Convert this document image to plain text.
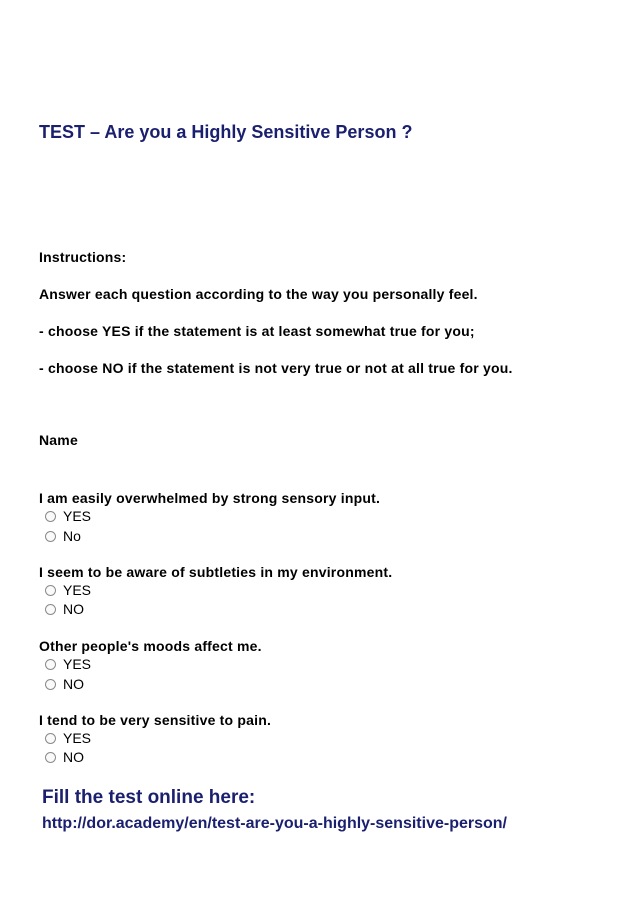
TEST – Are you a Highly Sensitive Person ?
Instructions:
Answer each question according to the way you personally feel.
- choose YES if the statement is at least somewhat true for you;
- choose NO if the statement is not very true or not at all true for you.
Name
I am easily overwhelmed by strong sensory input.
YES
No
I seem to be aware of subtleties in my environment.
YES
NO
Other people's moods affect me.
YES
NO
I tend to be very sensitive to pain.
YES
NO
Fill the test online here:
http://dor.academy/en/test-are-you-a-highly-sensitive-person/
